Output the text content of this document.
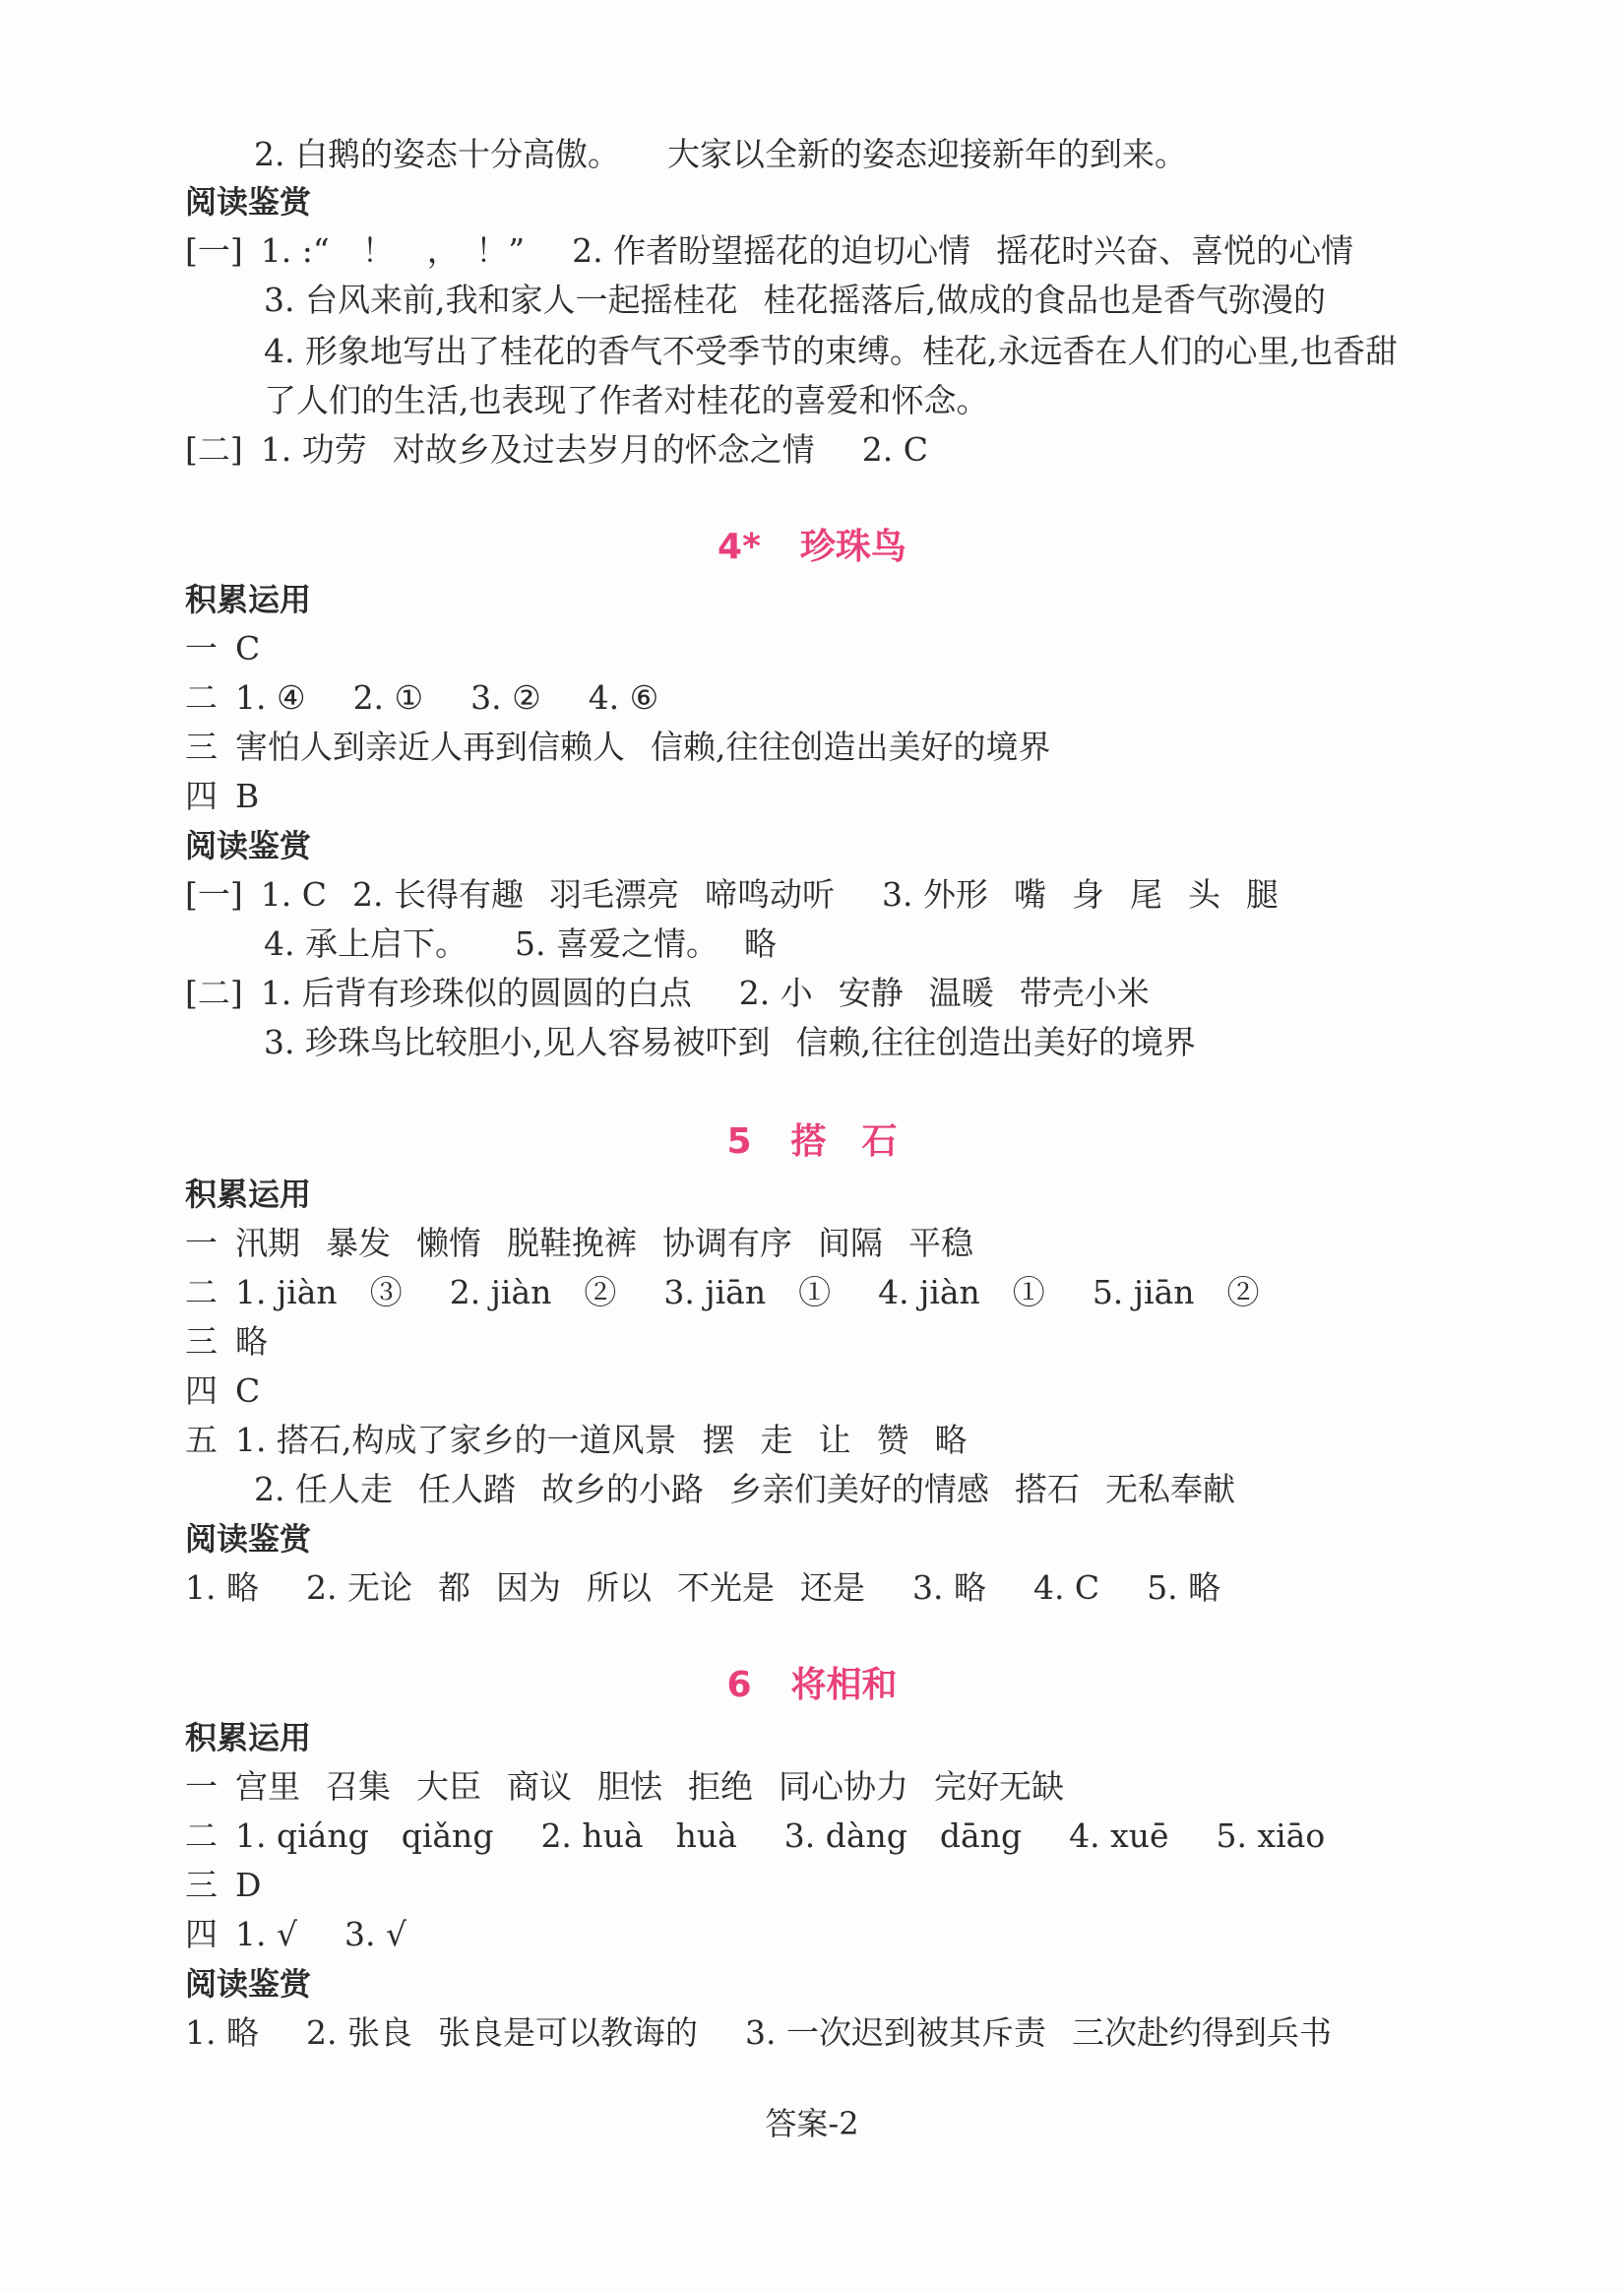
2. 白鹅的姿态十分高傲。 大家以全新的姿态迎接新年的到来。
阅读鉴赏
[一] 1. :“　！　，　！” 2. 作者盼望摇花的迫切心情 摇花时兴奋、喜悦的心情
3. 台风来前,我和家人一起摇桂花 桂花摇落后,做成的食品也是香气弥漫的
4. 形象地写出了桂花的香气不受季节的束缚。桂花,永远香在人们的心里,也香甜
了人们的生活,也表现了作者对桂花的喜爱和怀念。
[二] 1. 功劳 对故乡及过去岁月的怀念之情 2. C
4* 珍珠鸟
积累运用
一 C
二 1. ④ 2. ① 3. ② 4. ⑥
三 害怕人到亲近人再到信赖人 信赖,往往创造出美好的境界
四 B
阅读鉴赏
[一] 1. C 2. 长得有趣 羽毛漂亮 啼鸣动听 3. 外形 嘴 身 尾 头 腿
4. 承上启下。 5. 喜爱之情。 略
[二] 1. 后背有珍珠似的圆圆的白点 2. 小 安静 温暖 带壳小米
3. 珍珠鸟比较胆小,见人容易被吓到 信赖,往往创造出美好的境界
5 搭　石
积累运用
一 汛期 暴发 懒惰 脱鞋挽裤 协调有序 间隔 平稳
二 1. jiàn　③ 2. jiàn　② 3. jiān　① 4. jiàn　① 5. jiān　②
三 略
四 C
五 1. 搭石,构成了家乡的一道风景 摆 走 让 赞 略
2. 任人走 任人踏 故乡的小路 乡亲们美好的情感 搭石 无私奉献
阅读鉴赏
1. 略 2. 无论 都 因为 所以 不光是 还是 3. 略 4. C 5. 略
6 将相和
积累运用
一 宫里 召集 大臣 商议 胆怯 拒绝 同心协力 完好无缺
二 1. qiáng　qiǎng 2. huà　huà 3. dàng　dāng 4. xuē 5. xiāo
三 D
四 1. √ 3. √
阅读鉴赏
1. 略 2. 张良 张良是可以教诲的 3. 一次迟到被其斥责 三次赴约得到兵书
答案-2
